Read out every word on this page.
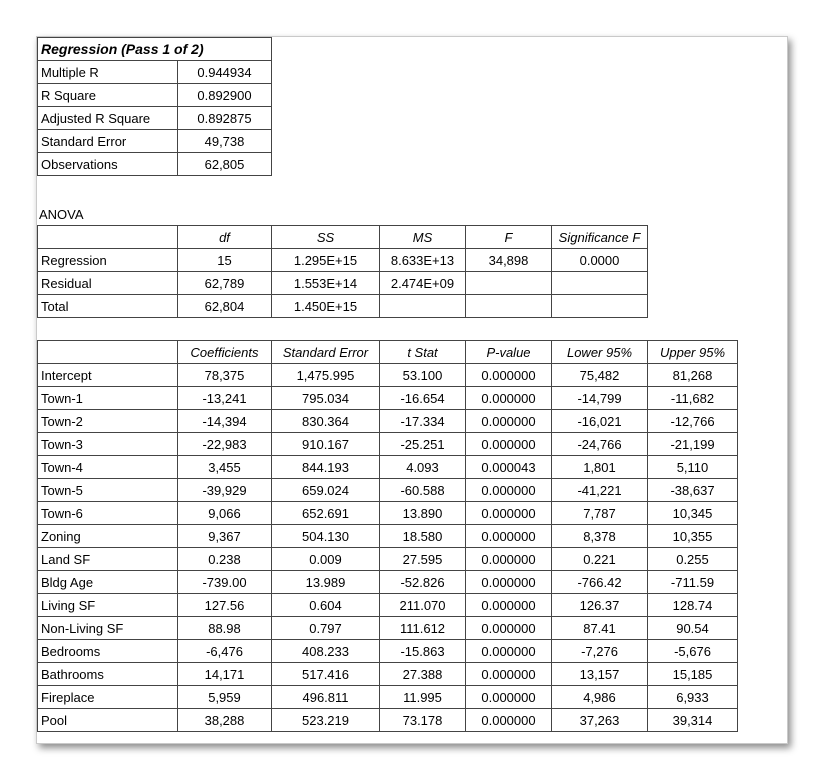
Regression (Pass 1 of 2)	
Multiple R	0.944934
R Square	0.892900
Adjusted R Square	0.892875
Standard Error	49,738
Observations	62,805
ANOVA
	df	SS	MS	F	Significance F
Regression	15	1.295E+15	8.633E+13	34,898	0.0000
Residual	62,789	1.553E+14	2.474E+09		
Total	62,804	1.450E+15			
	Coefficients	Standard Error	t Stat	P-value	Lower 95%	Upper 95%
Intercept	78,375	1,475.995	53.100	0.000000	75,482	81,268
Town-1	-13,241	795.034	-16.654	0.000000	-14,799	-11,682
Town-2	-14,394	830.364	-17.334	0.000000	-16,021	-12,766
Town-3	-22,983	910.167	-25.251	0.000000	-24,766	-21,199
Town-4	3,455	844.193	4.093	0.000043	1,801	5,110
Town-5	-39,929	659.024	-60.588	0.000000	-41,221	-38,637
Town-6	9,066	652.691	13.890	0.000000	7,787	10,345
Zoning	9,367	504.130	18.580	0.000000	8,378	10,355
Land SF	0.238	0.009	27.595	0.000000	0.221	0.255
Bldg Age	-739.00	13.989	-52.826	0.000000	-766.42	-711.59
Living SF	127.56	0.604	211.070	0.000000	126.37	128.74
Non-Living SF	88.98	0.797	111.612	0.000000	87.41	90.54
Bedrooms	-6,476	408.233	-15.863	0.000000	-7,276	-5,676
Bathrooms	14,171	517.416	27.388	0.000000	13,157	15,185
Fireplace	5,959	496.811	11.995	0.000000	4,986	6,933
Pool	38,288	523.219	73.178	0.000000	37,263	39,314
